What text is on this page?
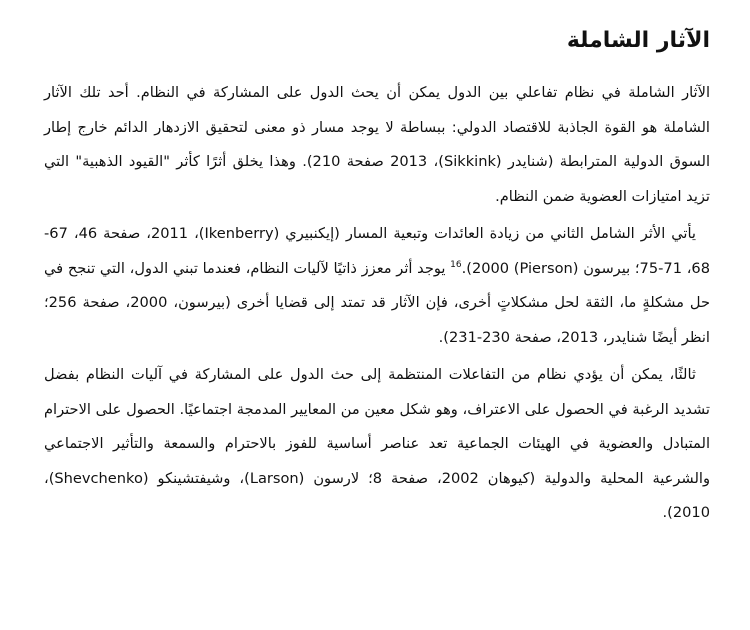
الآثار الشاملة

الآثار الشاملة في نظام تفاعلي بين الدول يمكن أن يحث الدول على المشاركة في النظام. أحد تلك الآثار الشاملة هو القوة الجاذبة للاقتصاد الدولي: ببساطة لا يوجد مسار ذو معنى لتحقيق الازدهار الدائم خارج إطار السوق الدولية المترابطة (شنايدر (Sikkink)، 2013 صفحة 210). وهذا يخلق أثرًا كأثر "القيود الذهبية" التي تزيد امتيازات العضوية ضمن النظام.

يأتي الأثر الشامل الثاني من زيادة العائدات وتبعية المسار (إيكنبيري (Ikenberry)، 2011، صفحة 46، 67-68، 71-75؛ بيرسون (Pierson) 2000).$^{16}$ يوجد أثر معزز ذاتيًا لآليات النظام، فعندما تبني الدول، التي تنجح في حل مشكلةٍ ما، الثقة لحل مشكلاتٍ أخرى، فإن الآثار قد تمتد إلى قضايا أخرى (بيرسون، 2000، صفحة 256؛ انظر أيضًا شنايدر، 2013، صفحة 230-231).

ثالثًا، يمكن أن يؤدي نظام من التفاعلات المنتظمة إلى حث الدول على المشاركة في آليات النظام بفضل تشديد الرغبة في الحصول على الاعتراف، وهو شكل معين من المعايير المدمجة اجتماعيًا. الحصول على الاحترام المتبادل والعضوية في الهيئات الجماعية تعد عناصر أساسية للفوز بالاحترام والسمعة والتأثير الاجتماعي والشرعية المحلية والدولية (كيوهان 2002، صفحة 8؛ لارسون (Larson)، وشيفتشينكو (Shevchenko)، 2010).
